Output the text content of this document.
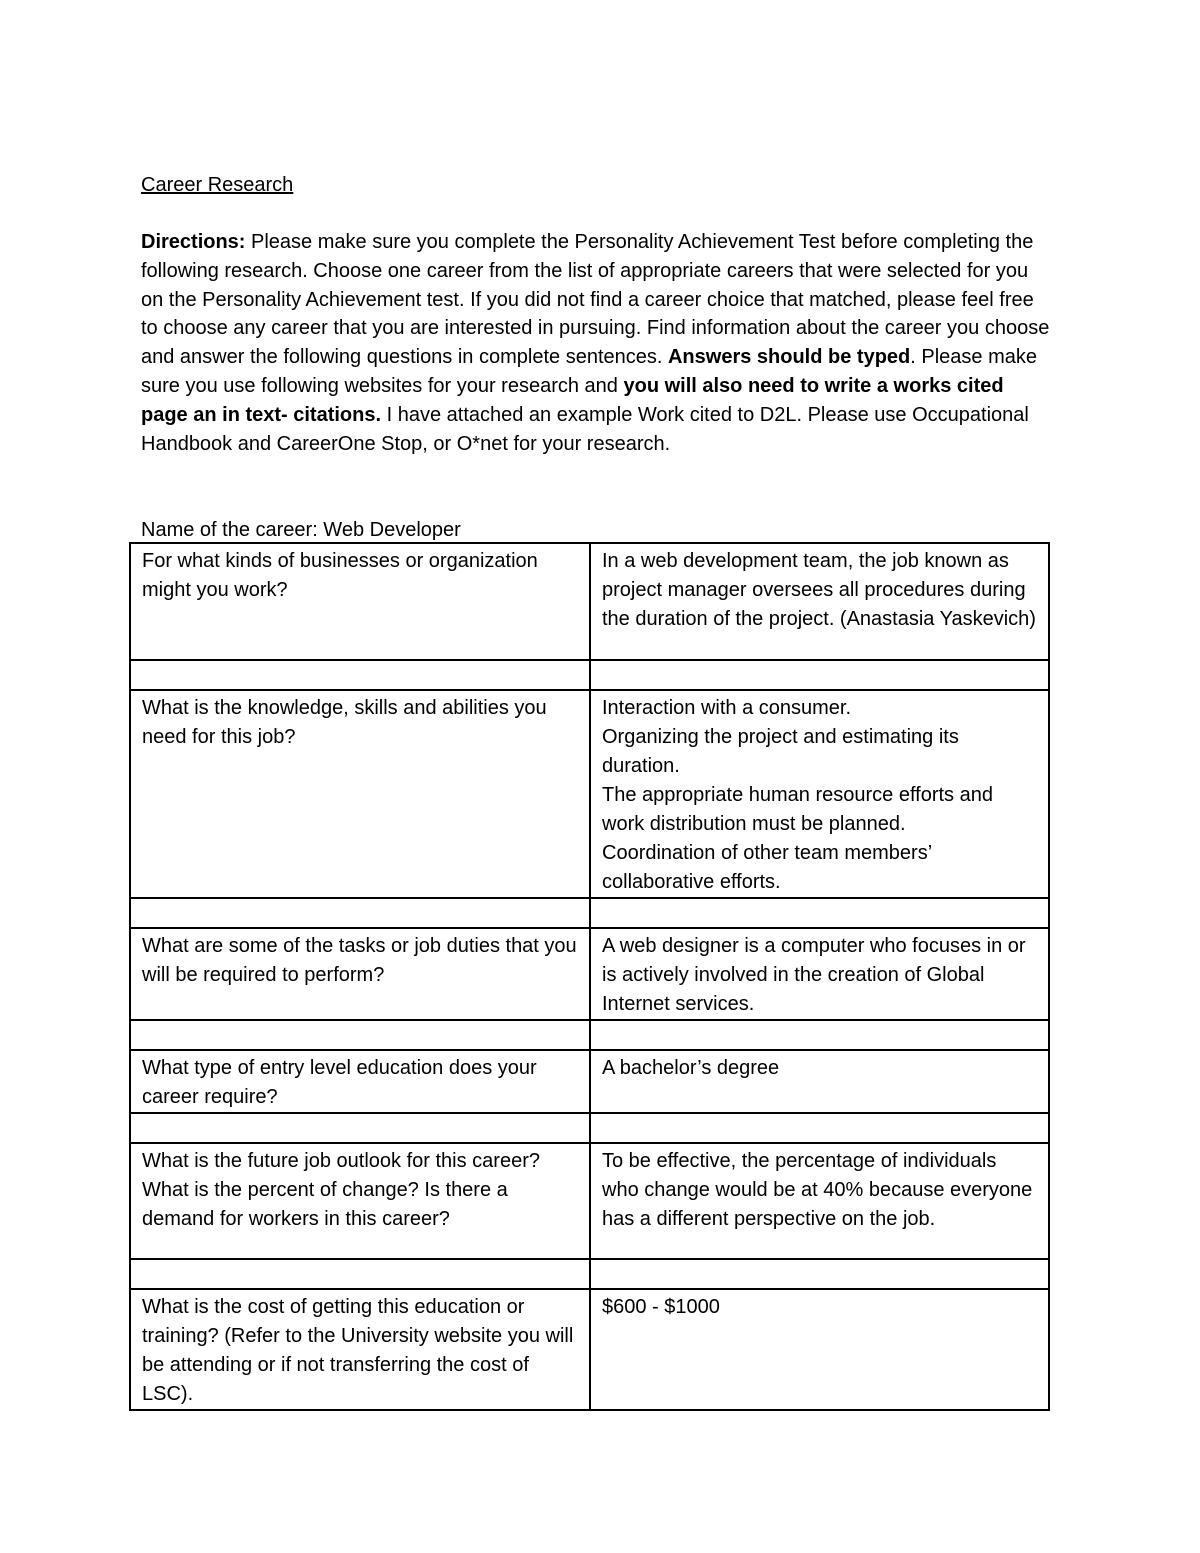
Career Research

Directions: Please make sure you complete the Personality Achievement Test before completing the following research. Choose one career from the list of appropriate careers that were selected for you on the Personality Achievement test. If you did not find a career choice that matched, please feel free to choose any career that you are interested in pursuing. Find information about the career you choose and answer the following questions in complete sentences. Answers should be typed. Please make sure you use following websites for your research and you will also need to write a works cited page an in text- citations. I have attached an example Work cited to D2L. Please use Occupational Handbook and CareerOne Stop, or O*net for your research.

Name of the career: Web Developer

For what kinds of businesses or organization might you work?	In a web development team, the job known as project manager oversees all procedures during the duration of the project. (Anastasia Yaskevich)

What is the knowledge, skills and abilities you need for this job?	Interaction with a consumer.
Organizing the project and estimating its duration.
The appropriate human resource efforts and work distribution must be planned.
Coordination of other team members’ collaborative efforts.

What are some of the tasks or job duties that you will be required to perform?	A web designer is a computer who focuses in or is actively involved in the creation of Global Internet services.

What type of entry level education does your career require?	A bachelor’s degree

What is the future job outlook for this career? What is the percent of change? Is there a demand for workers in this career?	To be effective, the percentage of individuals who change would be at 40% because everyone has a different perspective on the job.

What is the cost of getting this education or training? (Refer to the University website you will be attending or if not transferring the cost of LSC).	$600 - $1000
